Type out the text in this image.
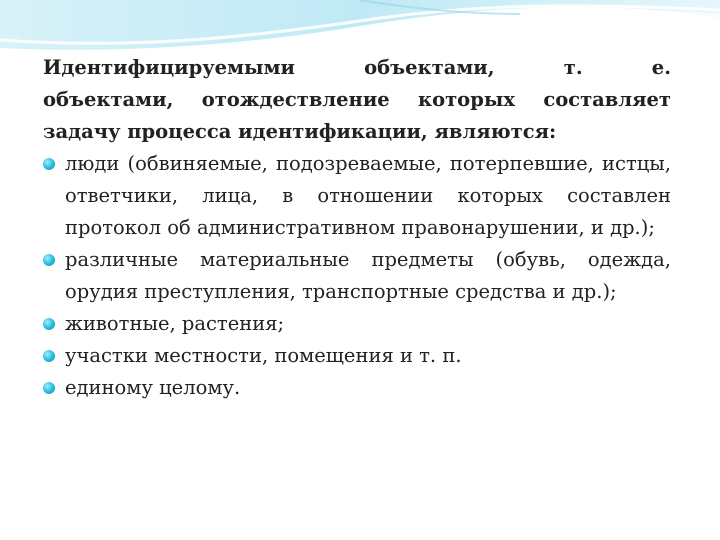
Идентифицируемыми объектами, т. е.
объектами, отождествление которых составляет задачу процесса идентификации, являются:

люди (обвиняемые, подозреваемые, потерпевшие, истцы, ответчики, лица, в отношении которых составлен протокол об административном правонарушении, и др.);
различные материальные предметы (обувь, одежда, орудия преступления, транспортные средства и др.);
животные, растения;
участки местности, помещения и т. п.
единому целому.
